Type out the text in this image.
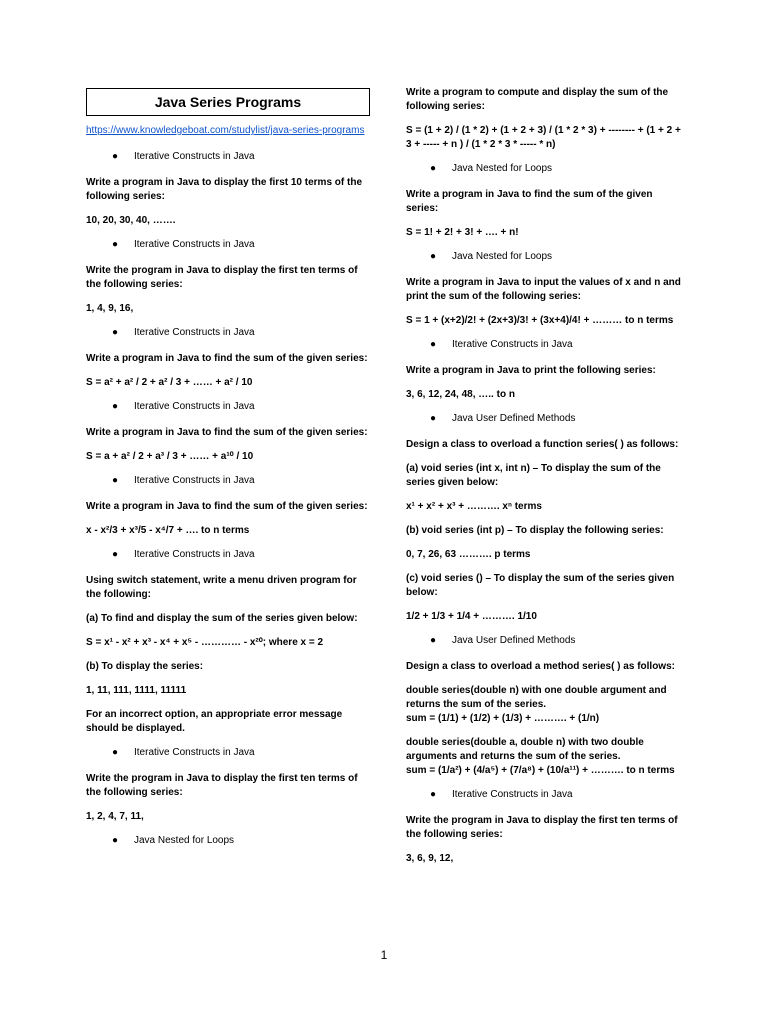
Java Series Programs
https://www.knowledgeboat.com/studylist/java-series-programs
● Iterative Constructs in Java
Write a program in Java to display the first 10 terms of the following series:
10, 20, 30, 40, …….
● Iterative Constructs in Java
Write the program in Java to display the first ten terms of the following series:
1, 4, 9, 16,
● Iterative Constructs in Java
Write a program in Java to find the sum of the given series:
S = a² + a² / 2 + a² / 3 + …… + a² / 10
● Iterative Constructs in Java
Write a program in Java to find the sum of the given series:
S = a + a² / 2 + a³ / 3 + …… + a¹⁰ / 10
● Iterative Constructs in Java
Write a program in Java to find the sum of the given series:
x - x²/3 + x³/5 - x⁴/7 + …. to n terms
● Iterative Constructs in Java
Using switch statement, write a menu driven program for the following:
(a) To find and display the sum of the series given below:
S = x¹ - x² + x³ - x⁴ + x⁵ - ………… - x²⁰; where x = 2
(b) To display the series:
1, 11, 111, 1111, 11111
For an incorrect option, an appropriate error message should be displayed.
● Iterative Constructs in Java
Write the program in Java to display the first ten terms of the following series:
1, 2, 4, 7, 11,
● Java Nested for Loops
Write a program to compute and display the sum of the following series:
S = (1 + 2) / (1 * 2) + (1 + 2 + 3) / (1 * 2 * 3) + -------- + (1 + 2 + 3 + ----- + n ) / (1 * 2 * 3 * ----- * n)
● Java Nested for Loops
Write a program in Java to find the sum of the given series:
S = 1! + 2! + 3! + …. + n!
● Java Nested for Loops
Write a program in Java to input the values of x and n and print the sum of the following series:
S = 1 + (x+2)/2! + (2x+3)/3! + (3x+4)/4! + ……… to n terms
● Iterative Constructs in Java
Write a program in Java to print the following series:
3, 6, 12, 24, 48, ….. to n
● Java User Defined Methods
Design a class to overload a function series( ) as follows:
(a) void series (int x, int n) – To display the sum of the series given below:
x¹ + x² + x³ + ………. xⁿ terms
(b) void series (int p) – To display the following series:
0, 7, 26, 63 ………. p terms
(c) void series () – To display the sum of the series given below:
1/2 + 1/3 + 1/4 + ………. 1/10
● Java User Defined Methods
Design a class to overload a method series( ) as follows:
double series(double n) with one double argument and returns the sum of the series.
sum = (1/1) + (1/2) + (1/3) + ………. + (1/n)
double series(double a, double n) with two double arguments and returns the sum of the series.
sum = (1/a²) + (4/a⁵) + (7/a⁸) + (10/a¹¹) + ………. to n terms
● Iterative Constructs in Java
Write the program in Java to display the first ten terms of the following series:
3, 6, 9, 12,
1
